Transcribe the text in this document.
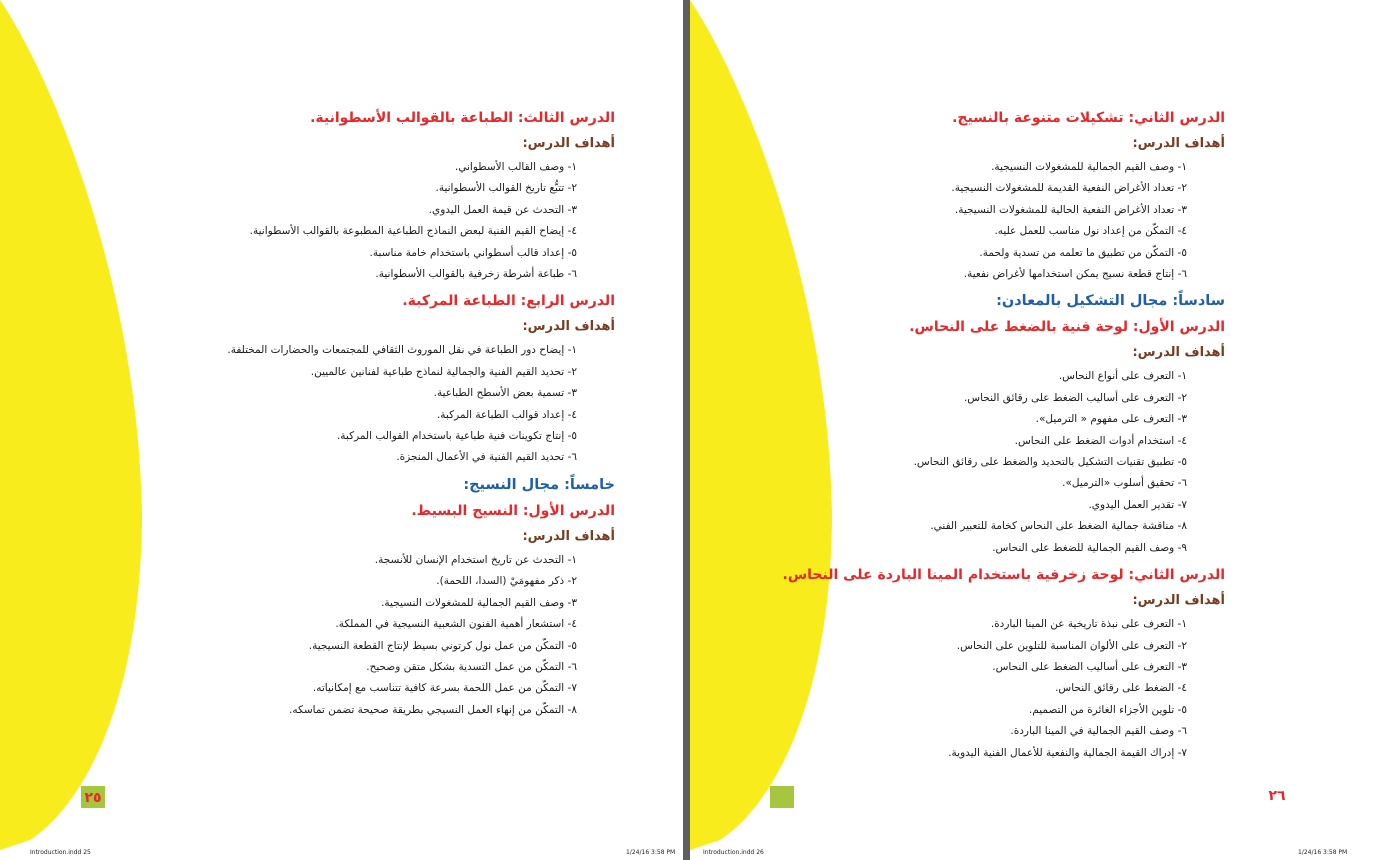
الدرس الثالث: الطباعة بالقوالب الأسطوانية.
أهداف الدرس:
١- وصف القالب الأسطواني.
٢- تتبُّع تاريخ القوالب الأسطوانية.
٣- التحدث عن قيمة العمل اليدوي.
٤- إيضاح القيم الفنية لبعض النماذج الطباعية المطبوعة بالقوالب الأسطوانية.
٥- إعداد قالب أسطواني باستخدام خامة مناسبة.
٦- طباعة أشرطة زخرفية بالقوالب الأسطوانية.
الدرس الرابع: الطباعة المركبة.
أهداف الدرس:
١- إيضاح دور الطباعة في نقل الموروث الثقافي للمجتمعات والحضارات المختلفة.
٢- تحديد القيم الفنية والجمالية لنماذج طباعية لفنانين عالميين.
٣- تسمية بعض الأسطح الطباعية.
٤- إعداد قوالب الطباعة المركبة.
٥- إنتاج تكوينات فنية طباعية باستخدام القوالب المركبة.
٦- تحديد القيم الفنية في الأعمال المنجزة.
خامساً: مجال النسيج:
الدرس الأول: النسيج البسيط.
أهداف الدرس:
١- التحدث عن تاريخ استخدام الإنسان للأنسجة.
٢- ذكر مفهومَيْ (السدا، اللحمة).
٣- وصف القيم الجمالية للمشغولات النسيجية.
٤- استشعار أهمية الفنون الشعبية النسيجية في المملكة.
٥- التمكّن من عمل نول كرتوني بسيط لإنتاج القطعة النسيجية.
٦- التمكّن من عمل التسدية بشكل متقن وصحيح.
٧- التمكّن من عمل اللحمة بسرعة كافية تتناسب مع إمكانياته.
٨- التمكّن من إنهاء العمل النسيجي بطريقة صحيحة تضمن تماسكه.
٢٥
Introduction.indd 25	1/24/16 3:58 PM
٢٦
Introduction.indd 26	1/24/16 3:58 PM
الدرس الثاني: تشكيلات متنوعة بالنسيج.
أهداف الدرس:
١- وصف القيم الجمالية للمشغولات النسيجية.
٢- تعداد الأغراض النفعية القديمة للمشغولات النسيجية.
٣- تعداد الأغراض النفعية الحالية للمشغولات النسيجية.
٤- التمكّن من إعداد نول مناسب للعمل عليه.
٥- التمكّن من تطبيق ما تعلمه من تسدية ولحمة.
٦- إنتاج قطعة نسيج يمكن استخدامها لأغراض نفعية.
سادساً: مجال التشكيل بالمعادن:
الدرس الأول: لوحة فنية بالضغط على النحاس.
أهداف الدرس:
١- التعرف على أنواع النحاس.
٢- التعرف على أساليب الضغط على رقائق النحاس.
٣- التعرف على مفهوم « الترميل».
٤- استخدام أدوات الضغط على النحاس.
٥- تطبيق تقنيات التشكيل بالتحديد والضغط على رقائق النحاس.
٦- تحقيق أسلوب «الترميل».
٧- تقدير العمل اليدوي.
٨- مناقشة جمالية الضغط على النحاس كخامة للتعبير الفني.
٩- وصف القيم الجمالية للضغط على النحاس.
الدرس الثاني: لوحة زخرفية باستخدام المينا الباردة على النحاس.
أهداف الدرس:
١- التعرف على نبذة تاريخية عن المينا الباردة.
٢- التعرف على الألوان المناسبة للتلوين على النحاس.
٣- التعرف على أساليب الضغط على النحاس.
٤- الضغط على رقائق النحاس.
٥- تلوين الأجزاء الغائرة من التصميم.
٦- وصف القيم الجمالية في المينا الباردة.
٧- إدراك القيمة الجمالية والنفعية للأعمال الفنية اليدوية.
